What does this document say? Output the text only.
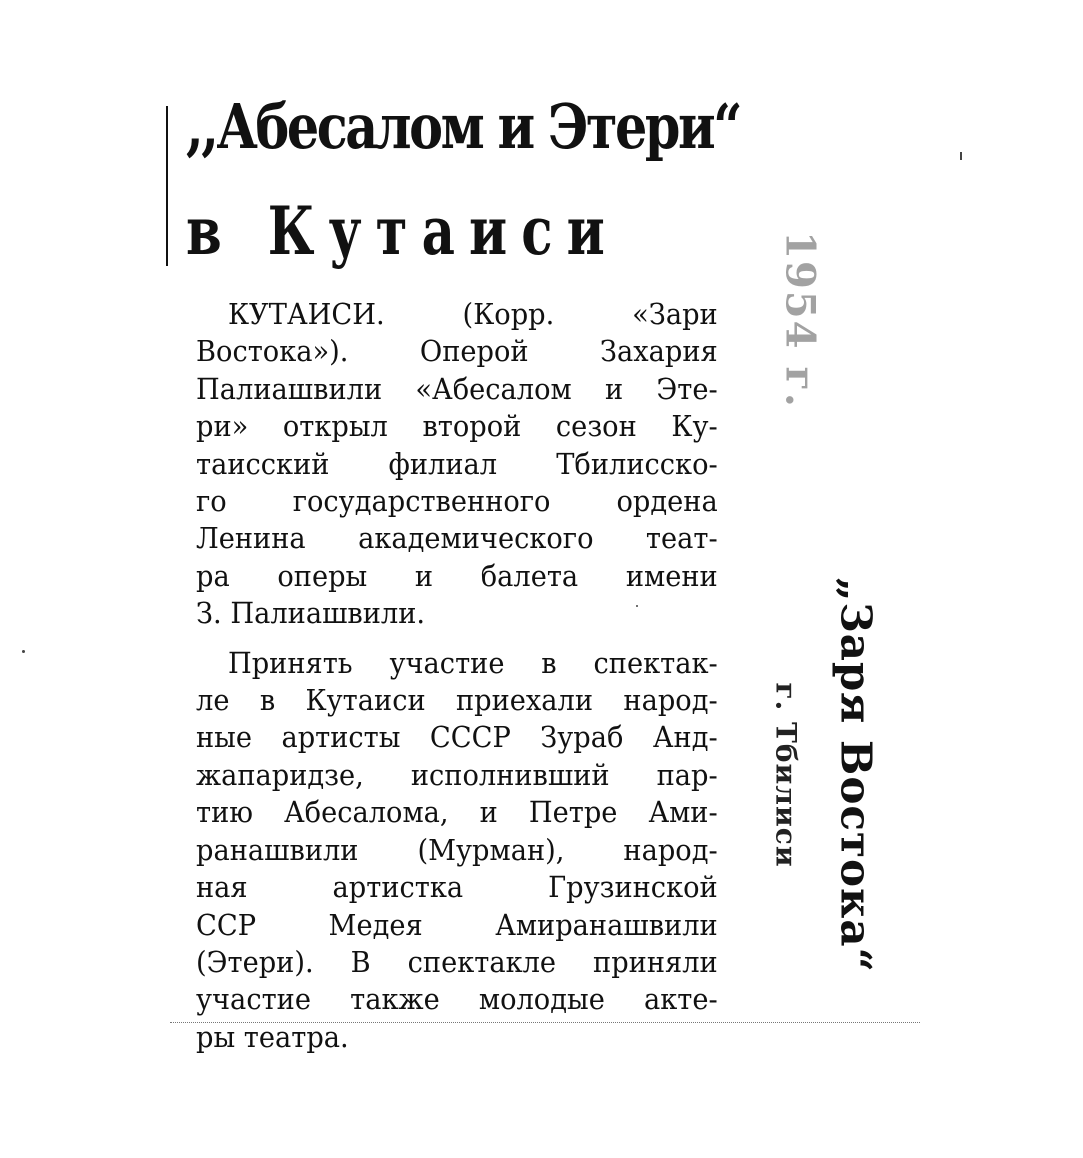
,,Абесалом и Этери“
в Кутаиси

КУТАИСИ. (Корр. «Зари
Востока»). Оперой Захария
Палиашвили «Абесалом и Эте-
ри» открыл второй сезон Ку-
таисский филиал Тбилисско-
го государственного ордена
Ленина академического теат-
ра оперы и балета имени
З. Палиашвили.

Принять участие в спектак-
ле в Кутаиси приехали народ-
ные артисты СССР Зураб Анд-
жапаридзе, исполнивший пар-
тию Абесалома, и Петре Ами-
ранашвили (Мурман), народ-
ная артистка Грузинской
ССР Медея Амиранашвили
(Этери). В спектакле приняли
участие также молодые акте-
ры театра.

1954 г.
„Заря Востока“
г. Тбилиси
